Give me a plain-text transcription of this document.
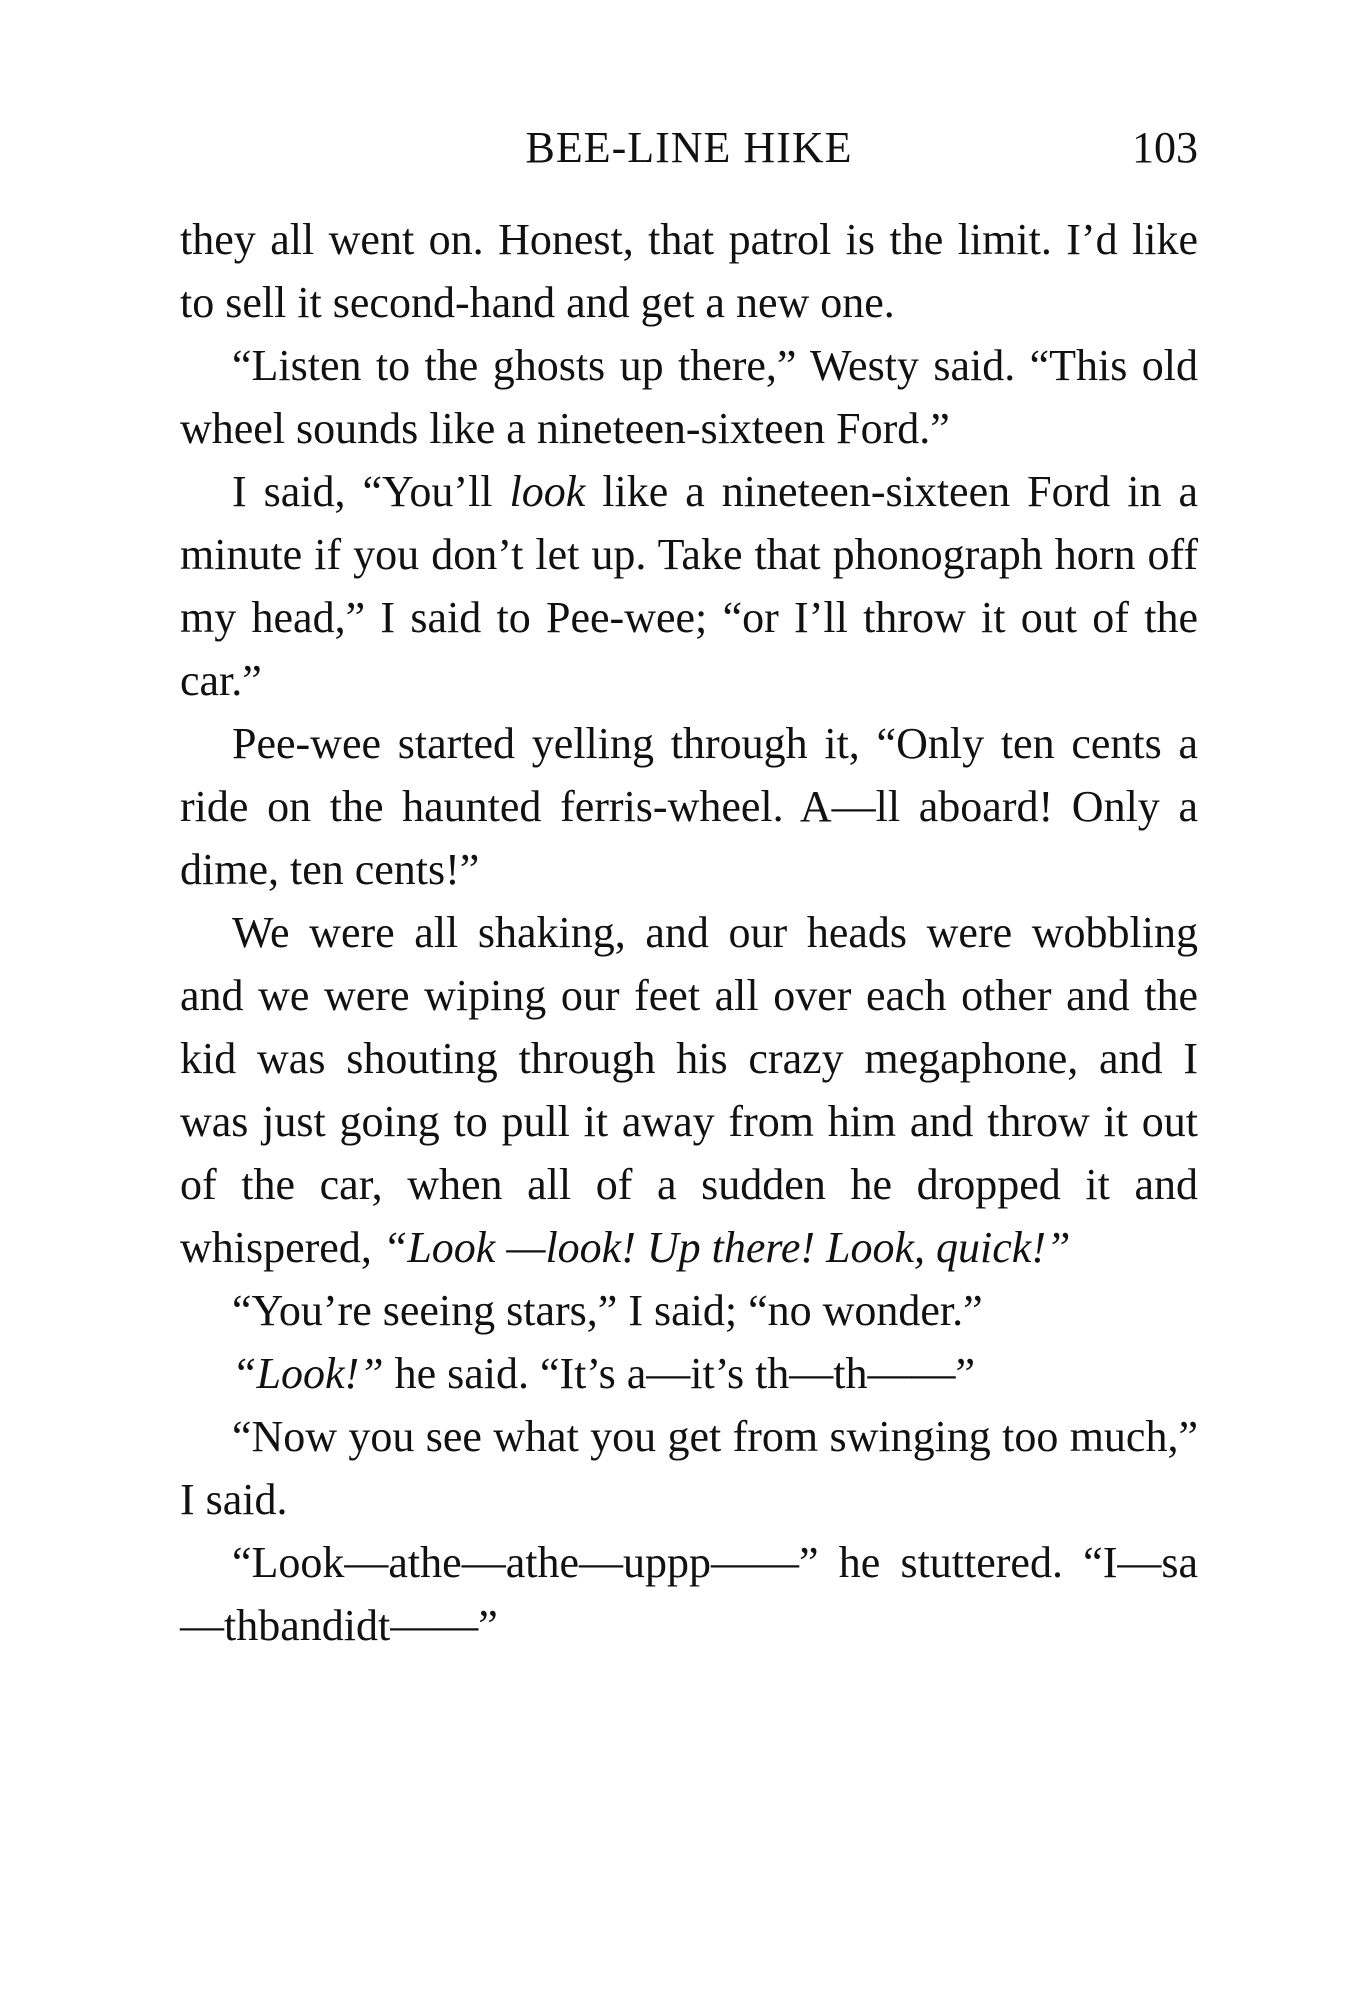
BEE-LINE HIKE	103

they all went on. Honest, that patrol is the limit. I’d like to sell it second-hand and get a new one.

“Listen to the ghosts up there,” Westy said. “This old wheel sounds like a nineteen-sixteen Ford.”

I said, “You’ll look like a nineteen-sixteen Ford in a minute if you don’t let up. Take that phonograph horn off my head,” I said to Pee-wee; “or I’ll throw it out of the car.”

Pee-wee started yelling through it, “Only ten cents a ride on the haunted ferris-wheel. A—ll aboard! Only a dime, ten cents!”

We were all shaking, and our heads were wobbling and we were wiping our feet all over each other and the kid was shouting through his crazy megaphone, and I was just going to pull it away from him and throw it out of the car, when all of a sudden he dropped it and whispered, “Look —look! Up there! Look, quick!”

“You’re seeing stars,” I said; “no wonder.”

“Look!” he said. “It’s a—it’s th—th——”

“Now you see what you get from swinging too much,” I said.

“Look—athe—athe—uppp——” he stuttered. “I—sa—thbandidt——”
